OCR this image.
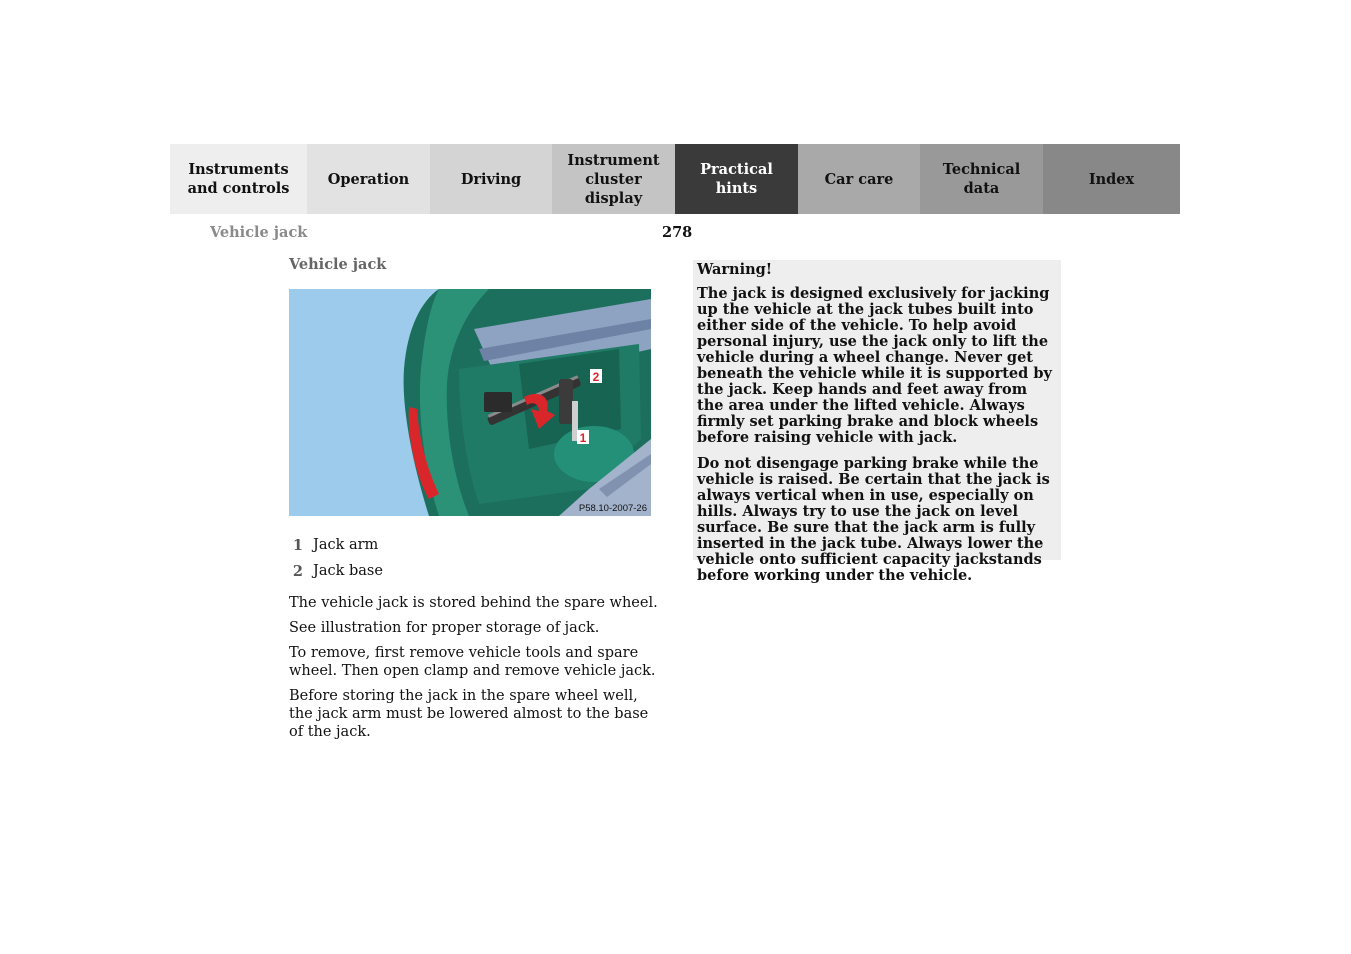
Instruments
and controls
Operation	Driving
Instrument
cluster display
Practical hints
Car care
Technical
data
Index
Vehicle jack	278
Vehicle jack
2
1
P58.10-2007-26
1 Jack arm
2 Jack base

The vehicle jack is stored behind the spare wheel.

See illustration for proper storage of jack.

To remove, first remove vehicle tools and spare wheel. Then open clamp and remove vehicle jack.

Before storing the jack in the spare wheel well, the jack arm must be lowered almost to the base of the jack.

Warning!

The jack is designed exclusively for jacking up the vehicle at the jack tubes built into either side of the vehicle. To help avoid personal injury, use the jack only to lift the vehicle during a wheel change. Never get beneath the vehicle while it is supported by the jack. Keep hands and feet away from the area under the lifted vehicle. Always firmly set parking brake and block wheels before raising vehicle with jack.

Do not disengage parking brake while the vehicle is raised. Be certain that the jack is always vertical when in use, especially on hills. Always try to use the jack on level surface. Be sure that the jack arm is fully inserted in the jack tube. Always lower the vehicle onto sufficient capacity jackstands before working under the vehicle.
